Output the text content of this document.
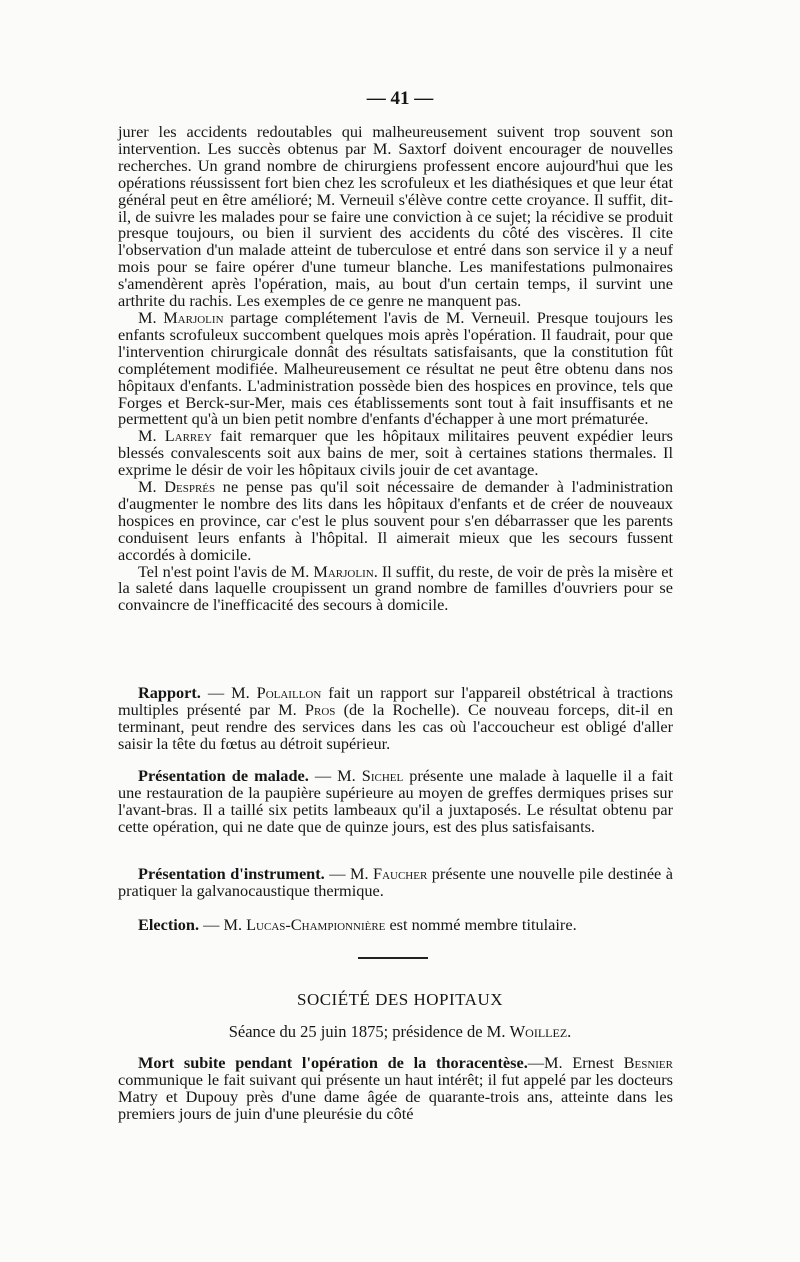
— 41 —

jurer les accidents redoutables qui malheureusement suivent trop souvent son intervention. Les succès obtenus par M. Saxtorf doivent encourager de nouvelles recherches. Un grand nombre de chirurgiens professent encore aujourd'hui que les opérations réussissent fort bien chez les scrofuleux et les diathésiques et que leur état général peut en être amélioré; M. Verneuil s'élève contre cette croyance. Il suffit, dit-il, de suivre les malades pour se faire une conviction à ce sujet; la récidive se produit presque toujours, ou bien il survient des accidents du côté des viscères. Il cite l'observation d'un malade atteint de tuberculose et entré dans son service il y a neuf mois pour se faire opérer d'une tumeur blanche. Les manifestations pulmonaires s'amendèrent après l'opération, mais, au bout d'un certain temps, il survint une arthrite du rachis. Les exemples de ce genre ne manquent pas.

M. Marjolin partage complétement l'avis de M. Verneuil. Presque toujours les enfants scrofuleux succombent quelques mois après l'opération. Il faudrait, pour que l'intervention chirurgicale donnât des résultats satisfaisants, que la constitution fût complétement modifiée. Malheureusement ce résultat ne peut être obtenu dans nos hôpitaux d'enfants. L'administration possède bien des hospices en province, tels que Forges et Berck-sur-Mer, mais ces établissements sont tout à fait insuffisants et ne permettent qu'à un bien petit nombre d'enfants d'échapper à une mort prématurée.

M. Larrey fait remarquer que les hôpitaux militaires peuvent expédier leurs blessés convalescents soit aux bains de mer, soit à certaines stations thermales. Il exprime le désir de voir les hôpitaux civils jouir de cet avantage.

M. Després ne pense pas qu'il soit nécessaire de demander à l'administration d'augmenter le nombre des lits dans les hôpitaux d'enfants et de créer de nouveaux hospices en province, car c'est le plus souvent pour s'en débarrasser que les parents conduisent leurs enfants à l'hôpital. Il aimerait mieux que les secours fussent accordés à domicile.

Tel n'est point l'avis de M. Marjolin. Il suffit, du reste, de voir de près la misère et la saleté dans laquelle croupissent un grand nombre de familles d'ouvriers pour se convaincre de l'inefficacité des secours à domicile.

Rapport. — M. Polaillon fait un rapport sur l'appareil obstétrical à tractions multiples présenté par M. Pros (de la Rochelle). Ce nouveau forceps, dit-il en terminant, peut rendre des services dans les cas où l'accoucheur est obligé d'aller saisir la tête du fœtus au détroit supérieur.

Présentation de malade. — M. Sichel présente une malade à laquelle il a fait une restauration de la paupière supérieure au moyen de greffes dermiques prises sur l'avant-bras. Il a taillé six petits lambeaux qu'il a juxtaposés. Le résultat obtenu par cette opération, qui ne date que de quinze jours, est des plus satisfaisants.

Présentation d'instrument. — M. Faucher présente une nouvelle pile destinée à pratiquer la galvanocaustique thermique.

Election. — M. Lucas-Championnière est nommé membre titulaire.

SOCIÉTÉ DES HOPITAUX
Séance du 25 juin 1875; présidence de M. Woillez.

Mort subite pendant l'opération de la thoracentèse.—M. Ernest Besnier communique le fait suivant qui présente un haut intérêt; il fut appelé par les docteurs Matry et Dupouy près d'une dame âgée de quarante-trois ans, atteinte dans les premiers jours de juin d'une pleurésie du côté
